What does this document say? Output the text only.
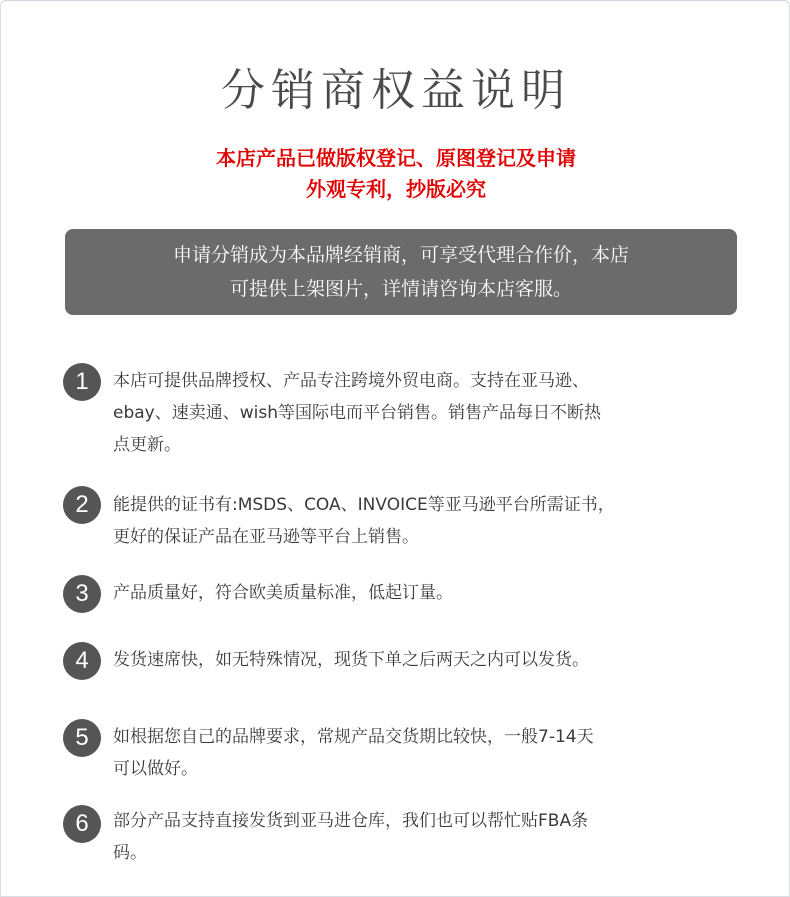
分销商权益说明
本店产品已做版权登记、原图登记及申请
外观专利，抄版必究
申请分销成为本品牌经销商，可享受代理合作价，本店
可提供上架图片，详情请咨询本店客服。
1	本店可提供品牌授权、产品专注跨境外贸电商。支持在亚马逊、
ebay、速卖通、wish等国际电而平台销售。销售产品每日不断热
点更新。
2	能提供的证书有:MSDS、COA、INVOICE等亚马逊平台所需证书，
更好的保证产品在亚马逊等平台上销售。
3	产品质量好，符合欧美质量标准，低起订量。
4	发货速席快，如无特殊情况，现货下单之后两天之内可以发货。
5	如根据您自己的品牌要求，常规产品交货期比较快，一般7-14天
可以做好。
6	部分产品支持直接发货到亚马进仓库，我们也可以帮忙贴FBA条
码。
